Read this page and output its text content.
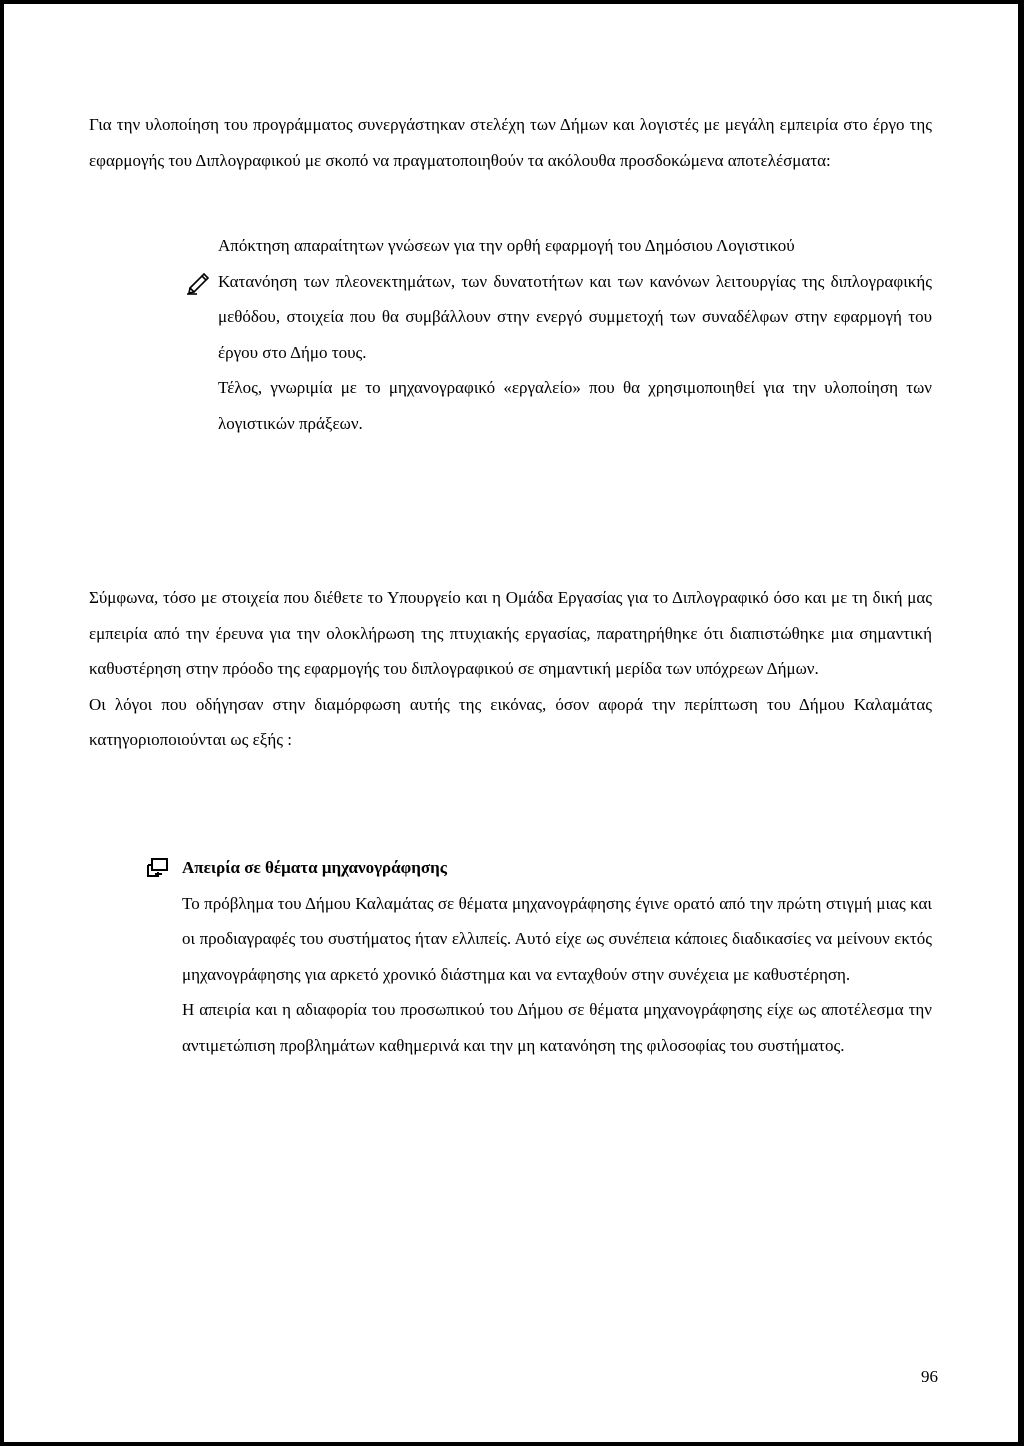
Για την υλοποίηση του προγράμματος συνεργάστηκαν στελέχη των Δήμων και λογιστές με μεγάλη εμπειρία στο έργο της εφαρμογής του Διπλογραφικού με σκοπό να πραγματοποιηθούν τα ακόλουθα προσδοκώμενα αποτελέσματα:

Απόκτηση απαραίτητων γνώσεων για την ορθή εφαρμογή του Δημόσιου Λογιστικού

Κατανόηση των πλεονεκτημάτων, των δυνατοτήτων και των κανόνων λειτουργίας της διπλογραφικής μεθόδου, στοιχεία που θα συμβάλλουν στην ενεργό συμμετοχή των συναδέλφων στην εφαρμογή του έργου στο Δήμο τους.

Τέλος, γνωριμία με το μηχανογραφικό «εργαλείο» που θα χρησιμοποιηθεί για την υλοποίηση των λογιστικών πράξεων.

Σύμφωνα, τόσο με στοιχεία που διέθετε το Υπουργείο και η Ομάδα Εργασίας για το Διπλογραφικό όσο και με τη δική μας εμπειρία από την έρευνα για την ολοκλήρωση της πτυχιακής εργασίας, παρατηρήθηκε ότι διαπιστώθηκε μια σημαντική καθυστέρηση στην πρόοδο της εφαρμογής του διπλογραφικού σε σημαντική μερίδα των υπόχρεων Δήμων.

Οι λόγοι που οδήγησαν στην διαμόρφωση αυτής της εικόνας, όσον αφορά την περίπτωση του Δήμου Καλαμάτας κατηγοριοποιούνται ως εξής :

Απειρία σε θέματα μηχανογράφησης

Το πρόβλημα του Δήμου Καλαμάτας σε θέματα μηχανογράφησης έγινε ορατό από την πρώτη στιγμή μιας και οι προδιαγραφές του συστήματος ήταν ελλιπείς. Αυτό είχε ως συνέπεια κάποιες διαδικασίες να μείνουν εκτός μηχανογράφησης για αρκετό χρονικό διάστημα και να ενταχθούν στην συνέχεια με καθυστέρηση.

Η απειρία και η αδιαφορία του προσωπικού του Δήμου σε θέματα μηχανογράφησης είχε ως αποτέλεσμα την αντιμετώπιση προβλημάτων καθημερινά και την μη κατανόηση της φιλοσοφίας του συστήματος.

96
